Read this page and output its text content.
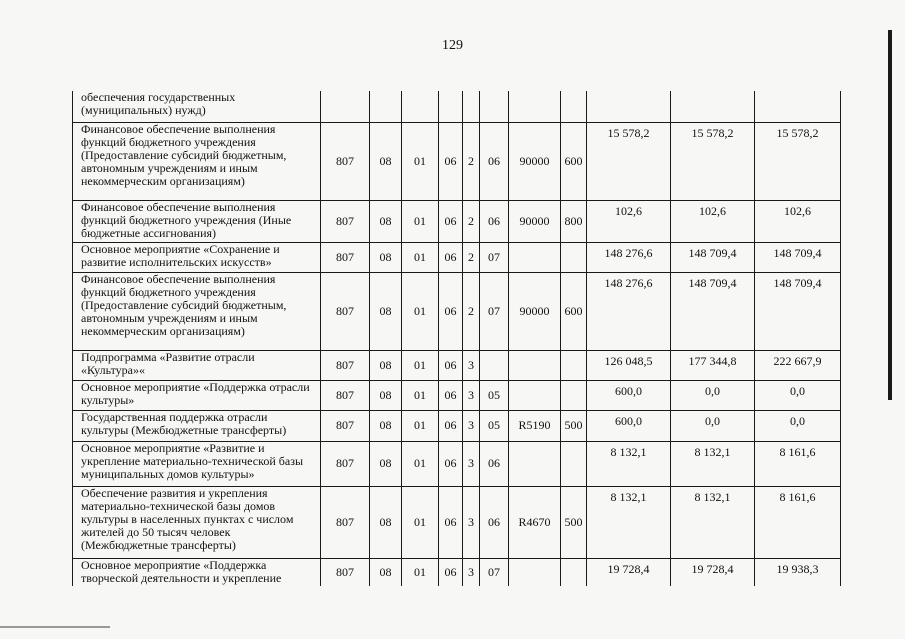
129
обеспечения государственных (муниципальных) нужд)											
Финансовое обеспечение выполнения функций бюджетного учреждения (Предоставление субсидий бюджетным, автономным учреждениям и иным некоммерческим организациям)	807	08	01	06	2	06	90000	600	15 578,2	15 578,2	15 578,2
Финансовое обеспечение выполнения функций бюджетного учреждения (Иные бюджетные ассигнования)	807	08	01	06	2	06	90000	800	102,6	102,6	102,6
Основное мероприятие «Сохранение и развитие исполнительских искусств»	807	08	01	06	2	07			148 276,6	148 709,4	148 709,4
Финансовое обеспечение выполнения функций бюджетного учреждения (Предоставление субсидий бюджетным, автономным учреждениям и иным некоммерческим организациям)	807	08	01	06	2	07	90000	600	148 276,6	148 709,4	148 709,4
Подпрограмма «Развитие отрасли «Культура»«	807	08	01	06	3				126 048,5	177 344,8	222 667,9
Основное мероприятие «Поддержка отрасли культуры»	807	08	01	06	3	05			600,0	0,0	0,0
Государственная поддержка отрасли культуры (Межбюджетные трансферты)	807	08	01	06	3	05	R5190	500	600,0	0,0	0,0
Основное мероприятие «Развитие и укрепление материально-технической базы муниципальных домов культуры»	807	08	01	06	3	06			8 132,1	8 132,1	8 161,6
Обеспечение развития и укрепления материально-технической базы домов культуры в населенных пунктах с числом жителей до 50 тысяч человек (Межбюджетные трансферты)	807	08	01	06	3	06	R4670	500	8 132,1	8 132,1	8 161,6
Основное мероприятие «Поддержка творческой деятельности и укрепление	807	08	01	06	3	07			19 728,4	19 728,4	19 938,3
